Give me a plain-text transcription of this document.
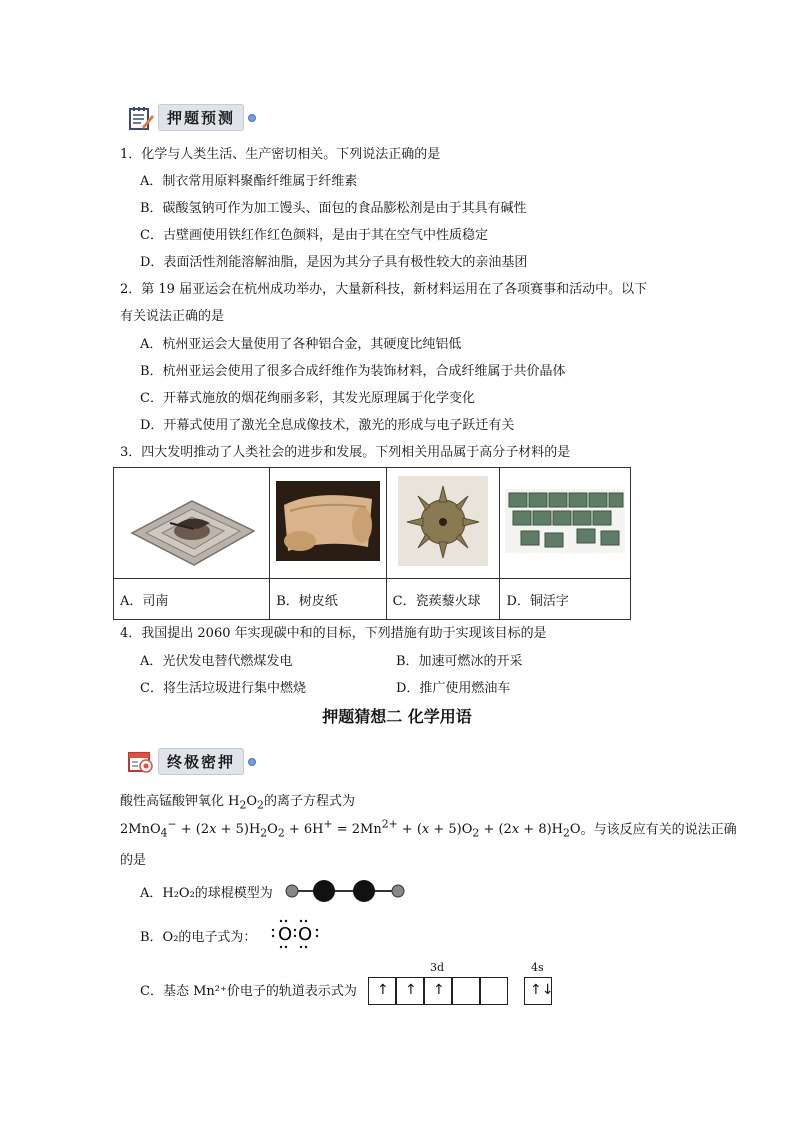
押题预测
1．化学与人类生活、生产密切相关。下列说法正确的是
A．制衣常用原料聚酯纤维属于纤维素
B．碳酸氢钠可作为加工馒头、面包的食品膨松剂是由于其具有碱性
C．古壁画使用铁红作红色颜料，是由于其在空气中性质稳定
D．表面活性剂能溶解油脂，是因为其分子具有极性较大的亲油基团
2．第 19 届亚运会在杭州成功举办，大量新科技，新材料运用在了各项赛事和活动中。以下
有关说法正确的是
A．杭州亚运会大量使用了各种铝合金，其硬度比纯铝低
B．杭州亚运会使用了很多合成纤维作为装饰材料，合成纤维属于共价晶体
C．开幕式施放的烟花绚丽多彩，其发光原理属于化学变化
D．开幕式使用了激光全息成像技术，激光的形成与电子跃迁有关
3．四大发明推动了人类社会的进步和发展。下列相关用品属于高分子材料的是

A．司南	B．树皮纸	C．瓷蒺藜火球	D．铜活字
4．我国提出 2060 年实现碳中和的目标，下列措施有助于实现该目标的是
A．光伏发电替代燃煤发电	B．加速可燃冰的开采
C．将生活垃圾进行集中燃烧	D．推广使用燃油车
押题猜想二 化学用语
终极密押
酸性高锰酸钾氧化 $H_2O_2$的离子方程式为
$2MnO_4^- + (2x + 5)H_2O_2 + 6H^+ = 2Mn^{2+} + (x + 5)O_2 + (2x + 8)H_2O$。与该反应有关的说法正确
的是
A．H₂O₂的球棍模型为
B．O₂的电子式为： O O
C．基态 Mn²⁺价电子的轨道表示式为
3d	4s
↑ ↑ ↑	↑↓
